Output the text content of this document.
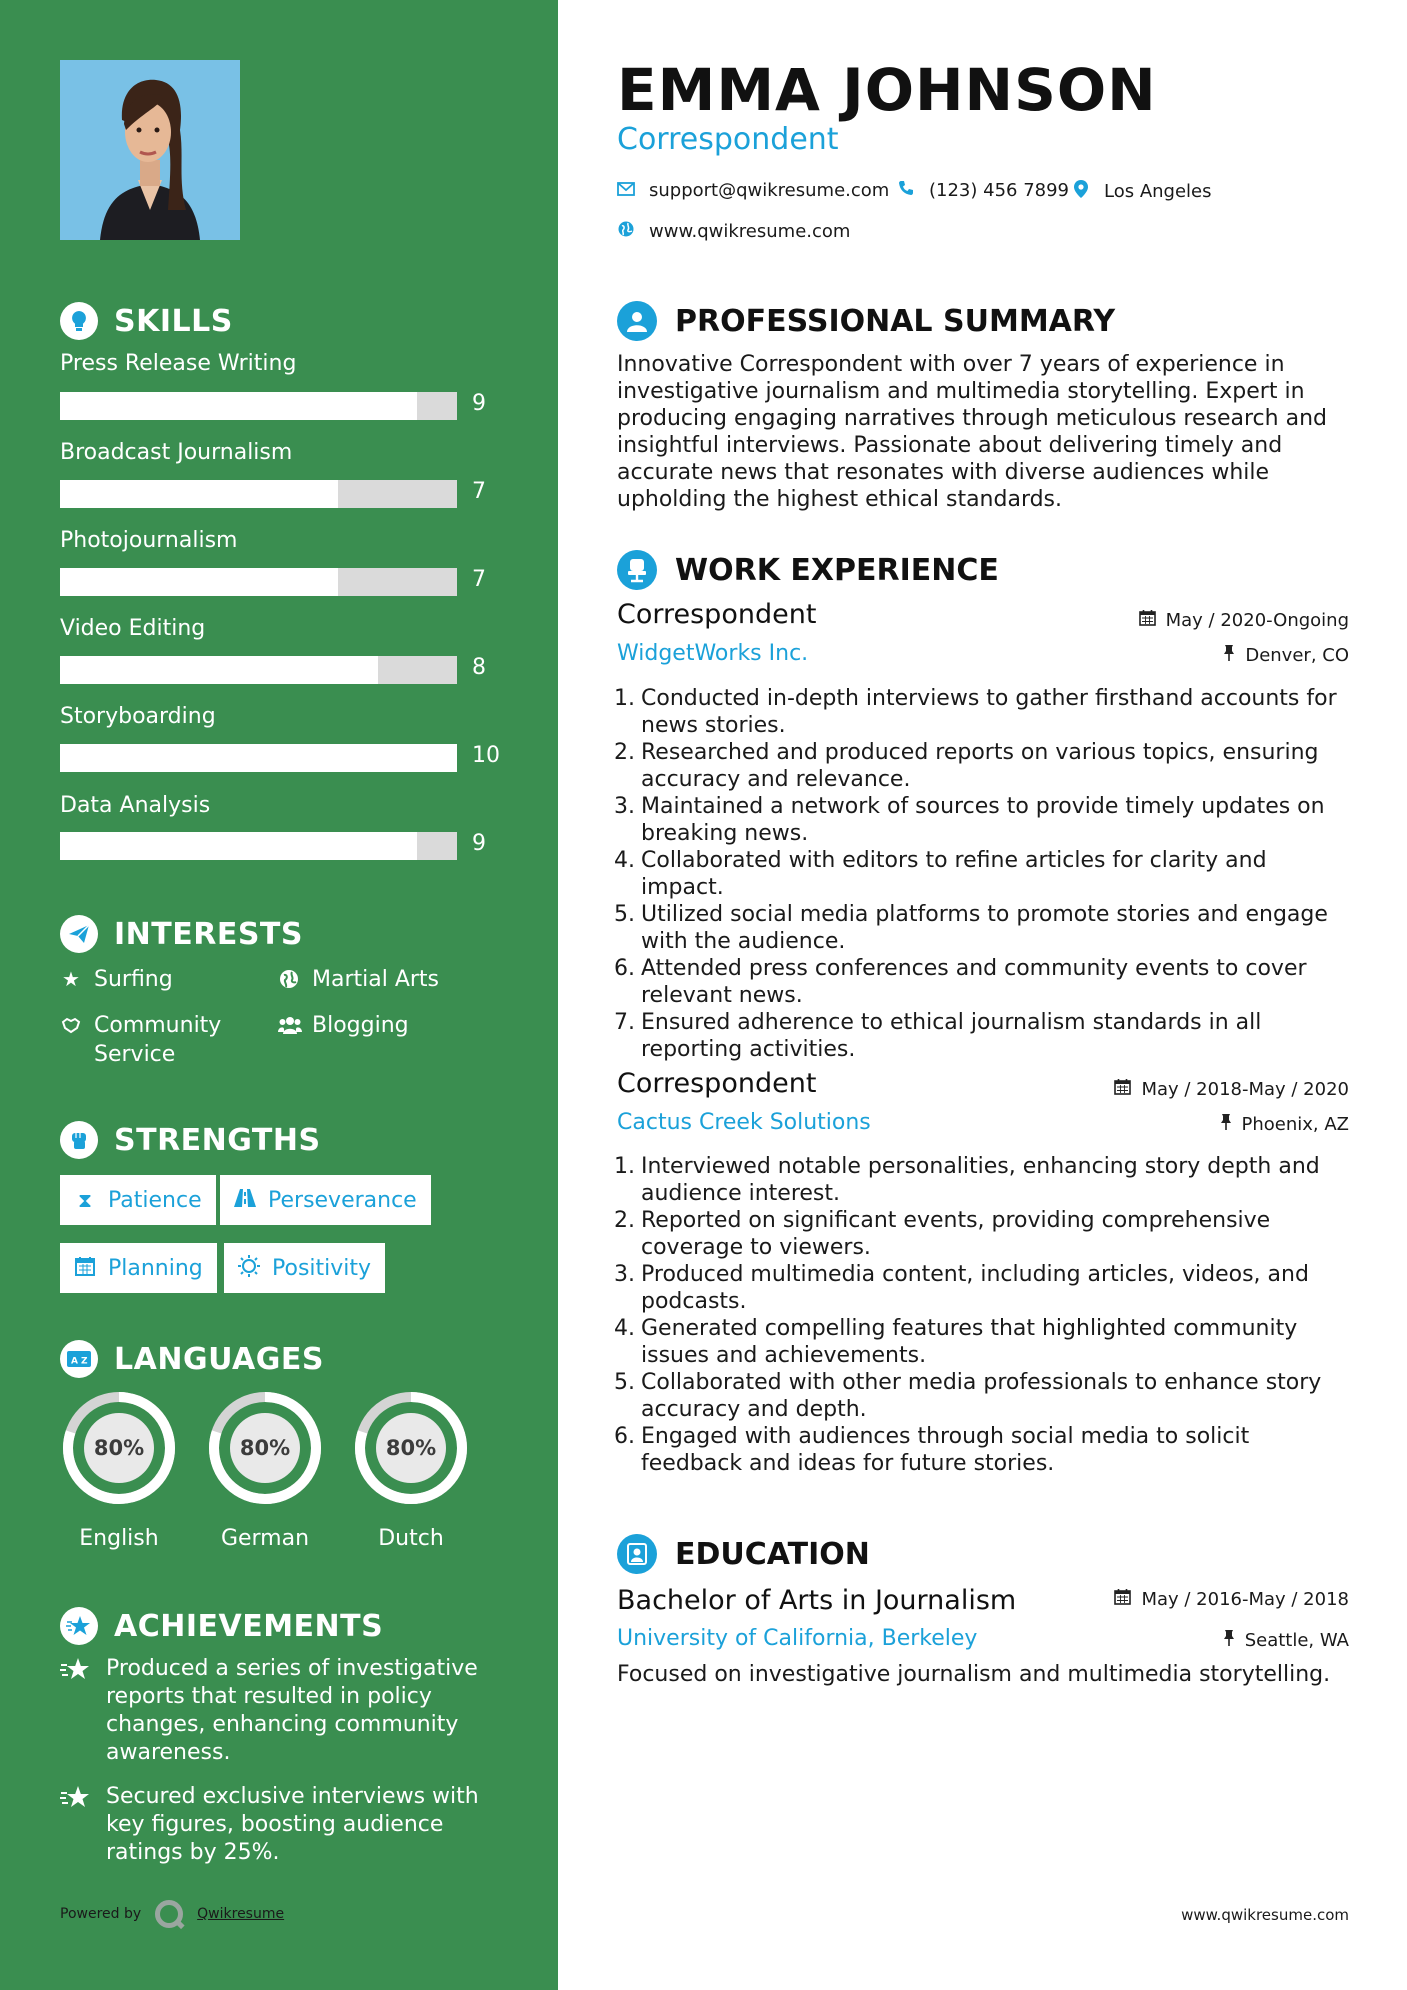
SKILLS
Press Release Writing
9
Broadcast Journalism
7
Photojournalism
7
Video Editing
8
Storyboarding
10
Data Analysis
9
INTERESTS
★ Surfing	Martial Arts
Community Service
Blogging
STRENGTHS
⧗ Patience	Perseverance
Planning	Positivity
A Z LANGUAGES
80%
English
80%
German
80%
Dutch
ACHIEVEMENTS
Produced a series of investigative reports that resulted in policy changes, enhancing community awareness.
Secured exclusive interviews with key figures, boosting audience ratings by 25%.
Powered by	Qwikresume
EMMA JOHNSON
Correspondent
support@qwikresume.com (123) 456 7899 Los Angeles
www.qwikresume.com
PROFESSIONAL SUMMARY
Innovative Correspondent with over 7 years of experience in investigative journalism and multimedia storytelling. Expert in producing engaging narratives through meticulous research and insightful interviews. Passionate about delivering timely and accurate news that resonates with diverse audiences while upholding the highest ethical standards.
WORK EXPERIENCE
Correspondent	May / 2020-Ongoing
WidgetWorks Inc.	Denver, CO
1. Conducted in-depth interviews to gather firsthand accounts for news stories.
2. Researched and produced reports on various topics, ensuring accuracy and relevance.
3. Maintained a network of sources to provide timely updates on breaking news.
4. Collaborated with editors to refine articles for clarity and impact.
5. Utilized social media platforms to promote stories and engage with the audience.
6. Attended press conferences and community events to cover relevant news.
7. Ensured adherence to ethical journalism standards in all reporting activities.
Correspondent	May / 2018-May / 2020
Cactus Creek Solutions	Phoenix, AZ
1. Interviewed notable personalities, enhancing story depth and audience interest.
2. Reported on significant events, providing comprehensive coverage to viewers.
3. Produced multimedia content, including articles, videos, and podcasts.
4. Generated compelling features that highlighted community issues and achievements.
5. Collaborated with other media professionals to enhance story accuracy and depth.
6. Engaged with audiences through social media to solicit feedback and ideas for future stories.
EDUCATION
Bachelor of Arts in Journalism	May / 2016-May / 2018
University of California, Berkeley	Seattle, WA
Focused on investigative journalism and multimedia storytelling.
www.qwikresume.com
